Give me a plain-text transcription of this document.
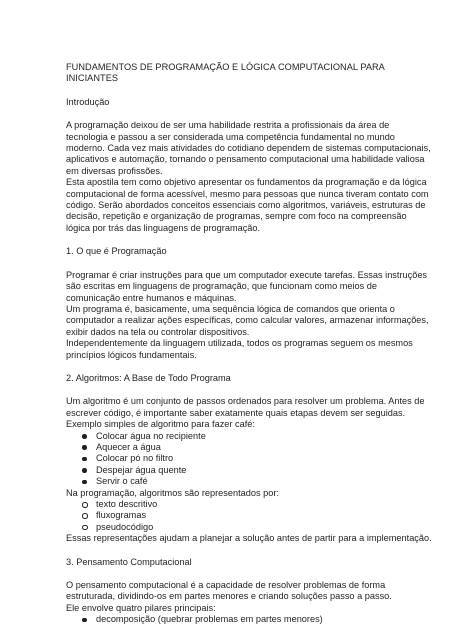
FUNDAMENTOS DE PROGRAMAÇÃO E LÓGICA COMPUTACIONAL PARA INICIANTES
Introdução
A programação deixou de ser uma habilidade restrita a profissionais da área de tecnologia e passou a ser considerada uma competência fundamental no mundo moderno. Cada vez mais atividades do cotidiano dependem de sistemas computacionais, aplicativos e automação, tornando o pensamento computacional uma habilidade valiosa em diversas profissões.
Esta apostila tem como objetivo apresentar os fundamentos da programação e da lógica computacional de forma acessível, mesmo para pessoas que nunca tiveram contato com código. Serão abordados conceitos essenciais como algoritmos, variáveis, estruturas de decisão, repetição e organização de programas, sempre com foco na compreensão lógica por trás das linguagens de programação.
1. O que é Programação
Programar é criar instruções para que um computador execute tarefas. Essas instruções são escritas em linguagens de programação, que funcionam como meios de comunicação entre humanos e máquinas.
Um programa é, basicamente, uma sequência lógica de comandos que orienta o computador a realizar ações específicas, como calcular valores, armazenar informações, exibir dados na tela ou controlar dispositivos.
Independentemente da linguagem utilizada, todos os programas seguem os mesmos princípios lógicos fundamentais.
2. Algoritmos: A Base de Todo Programa
Um algoritmo é um conjunto de passos ordenados para resolver um problema. Antes de escrever código, é importante saber exatamente quais etapas devem ser seguidas.
Exemplo simples de algoritmo para fazer café:
Colocar água no recipiente
Aquecer a água
Colocar pó no filtro
Despejar água quente
Servir o café
Na programação, algoritmos são representados por:
texto descritivo
fluxogramas
pseudocódigo
Essas representações ajudam a planejar a solução antes de partir para a implementação.
3. Pensamento Computacional
O pensamento computacional é a capacidade de resolver problemas de forma estruturada, dividindo-os em partes menores e criando soluções passo a passo.
Ele envolve quatro pilares principais:
decomposição (quebrar problemas em partes menores)
